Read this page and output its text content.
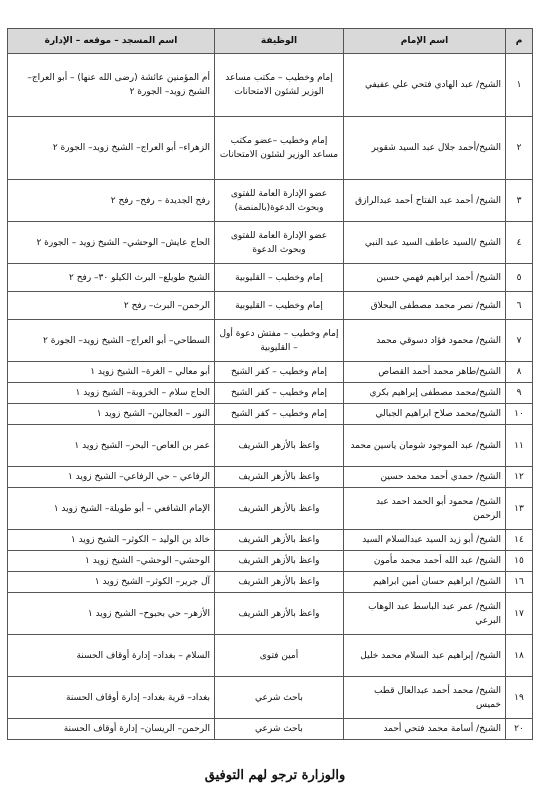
م	اسم الإمام	الوظيفة	اسم المسجد – موقعه – الإدارة
١	الشيخ/ عبد الهادي فتحي علي عفيفي	إمام وخطيب – مكتب مساعد الوزير لشئون الامتحانات	أم المؤمنين عائشة (رضى الله عنها) – أبو العراج– الشيخ زويد– الجورة ٢
٢	الشيخ/أحمد جلال عبد السيد شقوير	إمام وخطيب –عضو مكتب مساعد الوزير لشئون الامتحانات	الزهراء– أبو العراج– الشيخ زويد– الجورة ٢
٣	الشيخ/ أحمد عبد الفتاح أحمد عبدالرازق	عضو الإدارة العامة للفتوى وبحوث الدعوة(بالمنصة)	رفح الجديدة – رفح– رفح ٢
٤	الشيخ /السيد عاطف السيد عبد النبي	عضو الإدارة العامة للفتوى وبحوث الدعوة	الحاج عايش– الوحشي– الشيخ زويد – الجورة ٢
٥	الشيخ/ أحمد ابراهيم فهمي حسين	إمام وخطيب – القليوبية	الشيخ طويلع– البرث الكيلو ٣٠– رفح ٢
٦	الشيخ/ نصر محمد مصطفى البحلاق	إمام وخطيب – القليوبية	الرحمن– البرث– رفح ٢
٧	الشيخ/ محمود فؤاد دسوقي محمد	إمام وخطيب – مفتش دعوة أول – القليوبية	السطاحي– أبو العراج– الشيخ زويد– الجورة ٢
٨	الشيخ/طاهر محمد أحمد القصاص	إمام وخطيب – كفر الشيخ	أبو معالي – الغرة– الشيخ زويد ١
٩	الشيخ/محمد مصطفى إبراهيم بكري	إمام وخطيب – كفر الشيخ	الحاج سلام – الخروبة– الشيخ زويد ١
١٠	الشيخ/محمد صلاح ابراهيم الجبالي	إمام وخطيب – كفر الشيخ	النور – العجالين– الشيخ زويد ١
١١	الشيخ/ عبد الموجود شومان ياسين محمد	واعظ بالأزهر الشريف	عمر بن العاص– البحر– الشيخ زويد ١
١٢	الشيخ/ حمدي أحمد محمد حسين	واعظ بالأزهر الشريف	الرفاعي – حي الرفاعي– الشيخ زويد ١
١٣	الشيخ/ محمود أبو الحمد احمد عبد الرحمن	واعظ بالأزهر الشريف	الإمام الشافعي – أبو طويلة– الشيخ زويد ١
١٤	الشيخ/ أبو زيد السيد عبدالسلام السيد	واعظ بالأزهر الشريف	خالد بن الوليد – الكوثر– الشيخ زويد ١
١٥	الشيخ/ عبد الله أحمد محمد مأمون	واعظ بالأزهر الشريف	الوحشي– الوحشي– الشيخ زويد ١
١٦	الشيخ/ ابراهيم حسان أمين ابراهيم	واعظ بالأزهر الشريف	آل جرير– الكوثر– الشيخ زويد ١
١٧	الشيخ/ عمر عبد الباسط عبد الوهاب البرعي	واعظ بالأزهر الشريف	الأزهر– حي بحبوح– الشيخ زويد ١
١٨	الشيخ/ إبراهيم عبد السلام محمد خليل	أمين فتوى	السلام – بغداد– إدارة أوقاف الحسنة
١٩	الشيخ/ محمد أحمد عبدالعال قطب خميس	باحث شرعي	بغداد– قرية بغداد– إدارة أوقاف الحسنة
٢٠	الشيخ/ أسامة محمد فتحي أحمد	باحث شرعي	الرحمن– الريسان– إدارة أوقاف الحسنة
والوزارة ترجو لهم التوفيق
